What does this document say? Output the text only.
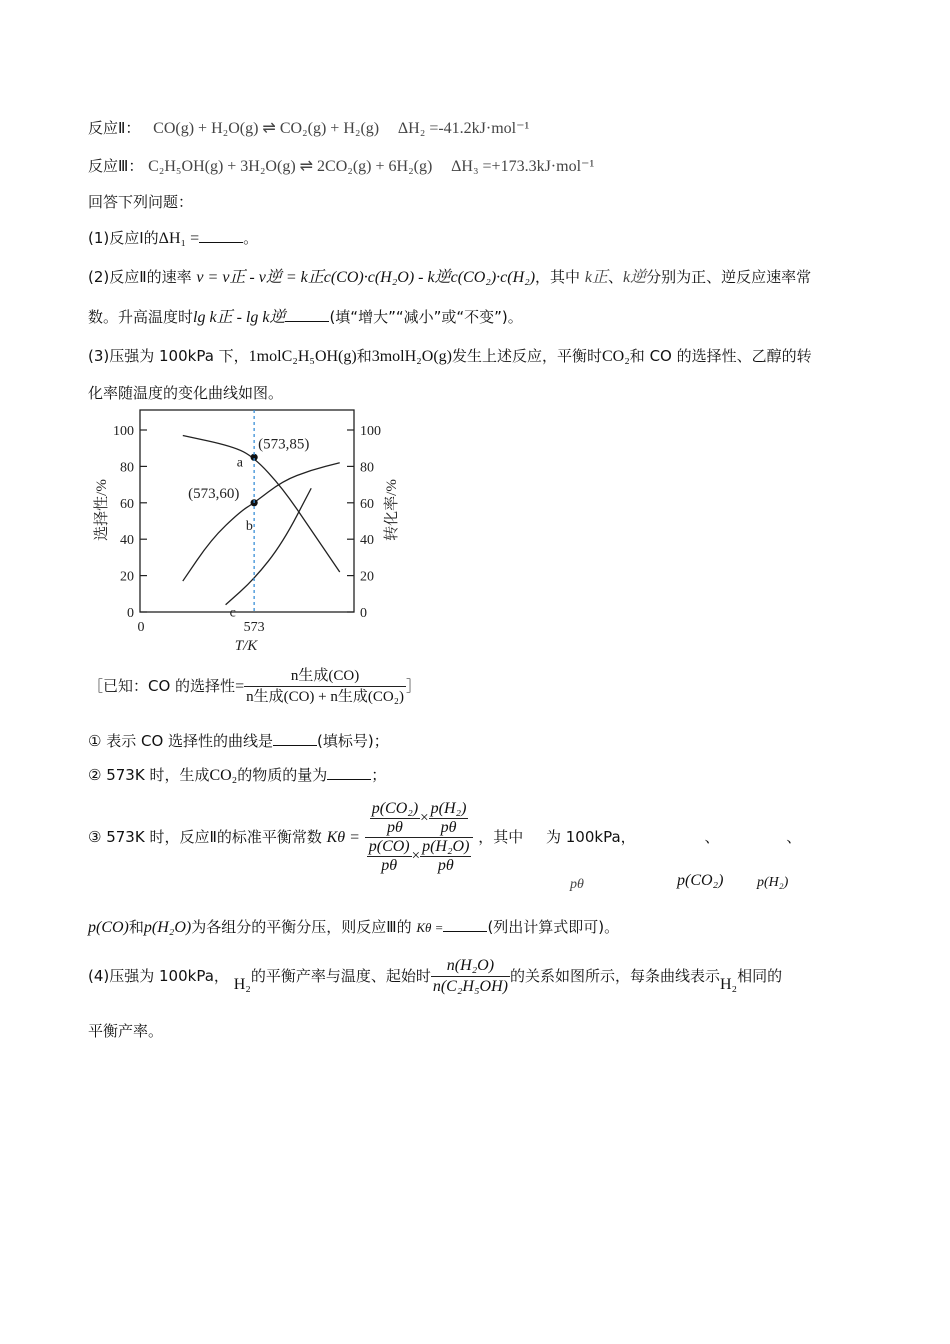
反应Ⅱ： CO(g) + H₂O(g) ⇌ CO₂(g) + H₂(g) ΔH₂ =-41.2kJ·mol⁻¹
反应Ⅲ： C₂H₅OH(g) + 3H₂O(g) ⇌ 2CO₂(g) + 6H₂(g) ΔH₃ =+173.3kJ·mol⁻¹
回答下列问题：
(1)反应Ⅰ的ΔH₁ =	。
(2)反应Ⅱ的速率 v = v正 - v逆 = k正c(CO)·c(H₂O) - k逆c(CO₂)·c(H₂)，其中 k正、k逆分别为正、逆反应速率常
数。升高温度时lg k正 - lg k逆	(填“增大”“减小”或“不变”)。
(3)压强为 100kPa 下，1molC₂H₅OH(g)和3molH₂O(g)发生上述反应，平衡时CO₂和 CO 的选择性、乙醇的转
化率随温度的变化曲线如图。
0	0
20	20
40	40
60	60
80	80
100	100
a
b
c
(573,85)
(573,60)
选择性/%	转化率/%
0	573
T/K
［已知：CO 的选择性= $\frac{\text{n生成(CO)}}{\text{n生成(CO) + n生成(CO₂)}}$ ］
① 表示 CO 选择性的曲线是	(填标号)；
② 573K 时，生成CO₂的物质的量为	；
③ 573K 时，反应Ⅱ的标准平衡常数 $K\theta = \frac{\frac{\text{p(CO₂)}}{p\theta} \times \frac{\text{p(H₂)}}{p\theta}}{\frac{p(CO)}{p\theta} \times \frac{\text{p(H₂O)}}{p\theta}}$ ，其中 为 100kPa，	、	、
pθ	p(CO₂) p(H₂)
p(CO)和p(H₂O)为各组分的平衡分压，则反应Ⅲ的 Kθ =	(列出计算式即可)。
(4)压强为 100kPa， H₂的平衡产率与温度、起始时 $\frac{\text{n(H₂O)}}{\text{n(C₂H₅OH)}}$ 的关系如图所示，每条曲线表示H₂相同的
平衡产率。
